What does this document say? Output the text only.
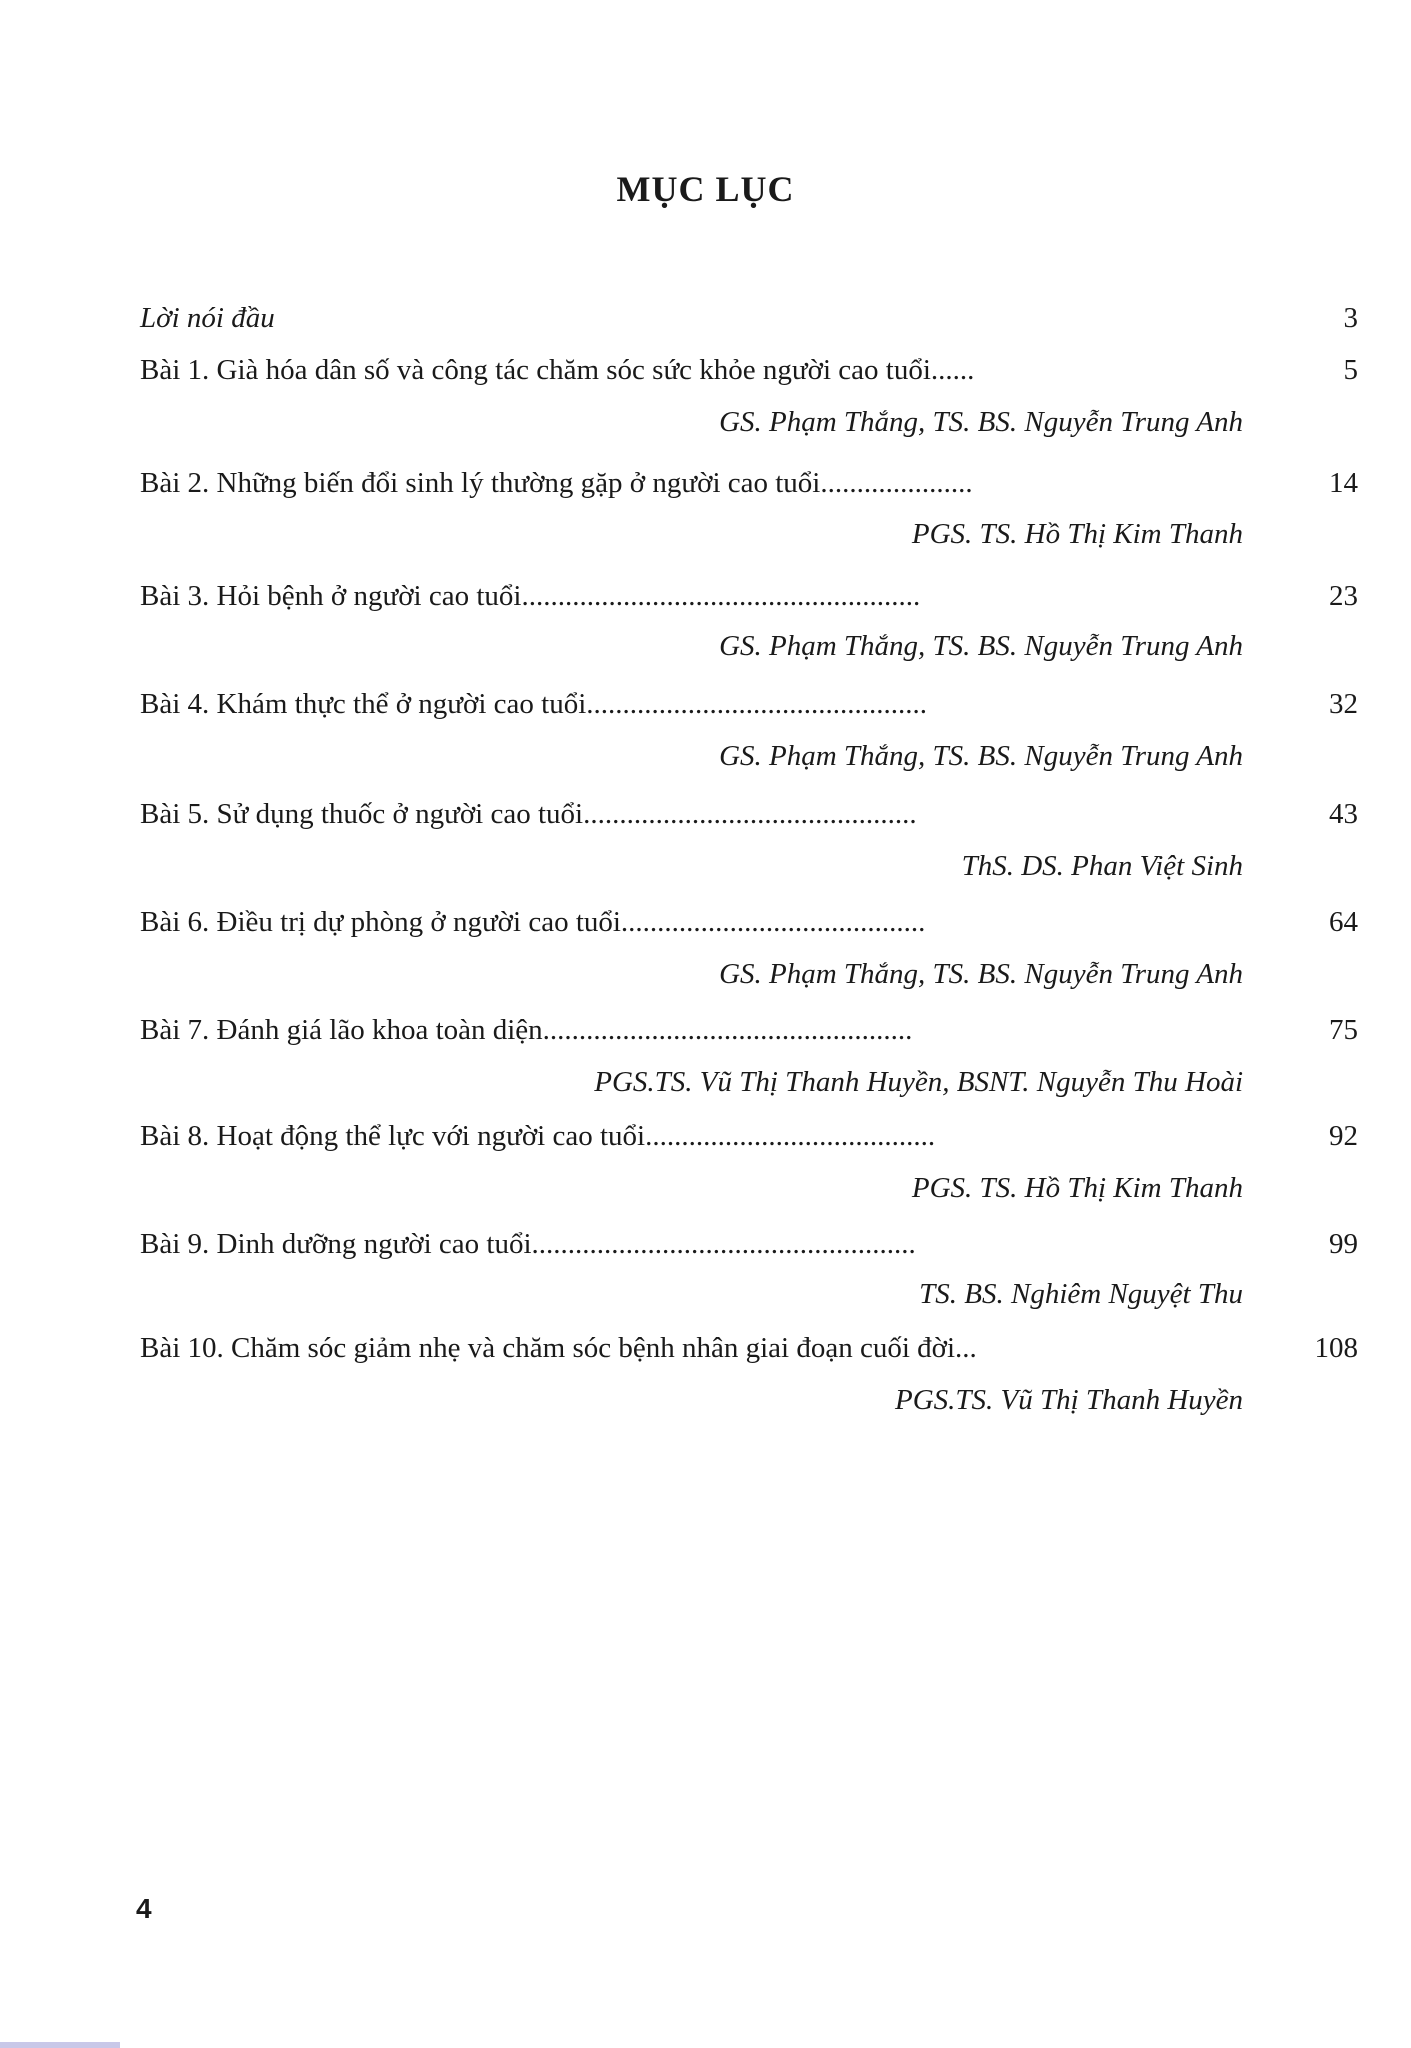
MỤC LỤC
Lời nói đầu	3
Bài 1. Già hóa dân số và công tác chăm sóc sức khỏe người cao tuổi......	5
GS. Phạm Thắng, TS. BS. Nguyễn Trung Anh
Bài 2. Những biến đổi sinh lý thường gặp ở người cao tuổi.....................	14
PGS. TS. Hồ Thị Kim Thanh
Bài 3. Hỏi bệnh ở người cao tuổi.......................................................	23
GS. Phạm Thắng, TS. BS. Nguyễn Trung Anh
Bài 4. Khám thực thể ở người cao tuổi...............................................	32
GS. Phạm Thắng, TS. BS. Nguyễn Trung Anh
Bài 5. Sử dụng thuốc ở người cao tuổi..............................................	43
ThS. DS. Phan Việt Sinh
Bài 6. Điều trị dự phòng ở người cao tuổi..........................................	64
GS. Phạm Thắng, TS. BS. Nguyễn Trung Anh
Bài 7. Đánh giá lão khoa toàn diện...................................................	75
PGS.TS. Vũ Thị Thanh Huyền, BSNT. Nguyễn Thu Hoài
Bài 8. Hoạt động thể lực với người cao tuổi........................................	92
PGS. TS. Hồ Thị Kim Thanh
Bài 9. Dinh dưỡng người cao tuổi.....................................................	99
TS. BS. Nghiêm Nguyệt Thu
Bài 10. Chăm sóc giảm nhẹ và chăm sóc bệnh nhân giai đoạn cuối đời...	108
PGS.TS. Vũ Thị Thanh Huyền
4
